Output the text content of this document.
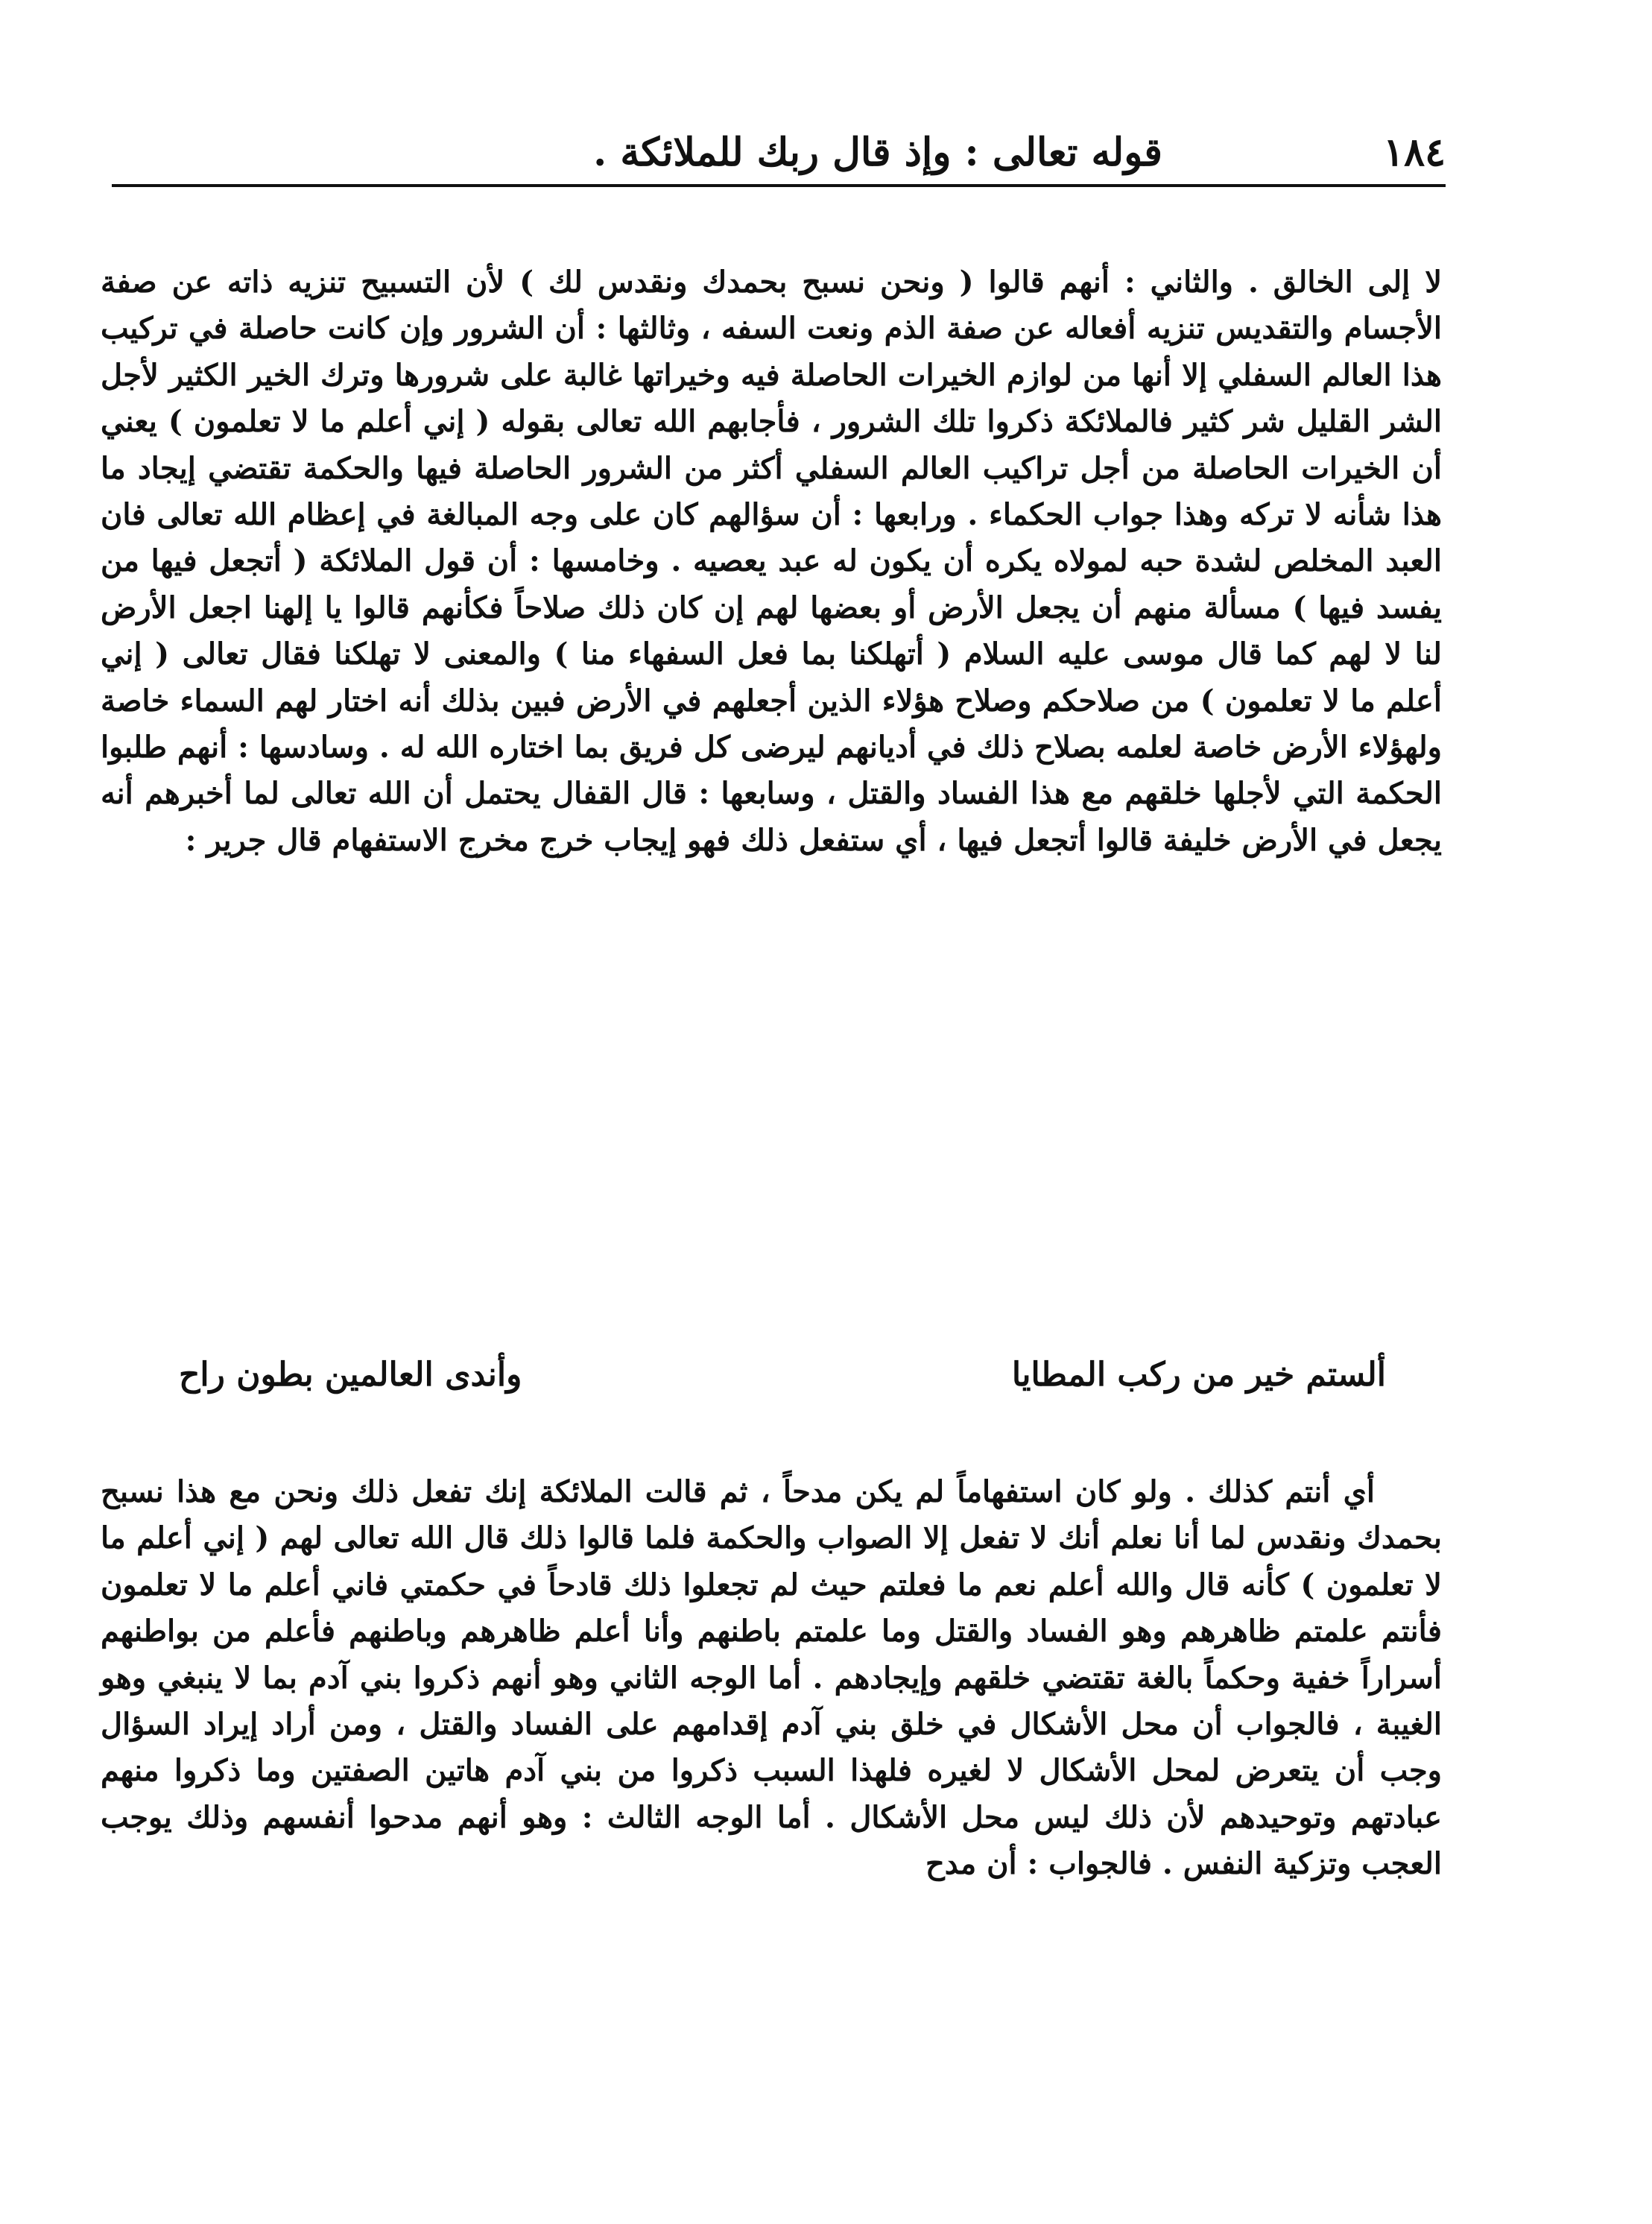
١٨٤
قوله تعالى : وإذ قال ربك للملائكة .

لا إلى الخالق . والثاني : أنهم قالوا ( ونحن نسبح بحمدك ونقدس لك ) لأن التسبيح تنزيه ذاته عن صفة الأجسام والتقديس تنزيه أفعاله عن صفة الذم ونعت السفه ، وثالثها : أن الشرور وإن كانت حاصلة في تركيب هذا العالم السفلي إلا أنها من لوازم الخيرات الحاصلة فيه وخيراتها غالبة على شرورها وترك الخير الكثير لأجل الشر القليل شر كثير فالملائكة ذكروا تلك الشرور ، فأجابهم الله تعالى بقوله ( إني أعلم ما لا تعلمون ) يعني أن الخيرات الحاصلة من أجل تراكيب العالم السفلي أكثر من الشرور الحاصلة فيها والحكمة تقتضي إيجاد ما هذا شأنه لا تركه وهذا جواب الحكماء . ورابعها : أن سؤالهم كان على وجه المبالغة في إعظام الله تعالى فان العبد المخلص لشدة حبه لمولاه يكره أن يكون له عبد يعصيه . وخامسها : أن قول الملائكة ( أتجعل فيها من يفسد فيها ) مسألة منهم أن يجعل الأرض أو بعضها لهم إن كان ذلك صلاحاً فكأنهم قالوا يا إلهنا اجعل الأرض لنا لا لهم كما قال موسى عليه السلام ( أتهلكنا بما فعل السفهاء منا ) والمعنى لا تهلكنا فقال تعالى ( إني أعلم ما لا تعلمون ) من صلاحكم وصلاح هؤلاء الذين أجعلهم في الأرض فبين بذلك أنه اختار لهم السماء خاصة ولهؤلاء الأرض خاصة لعلمه بصلاح ذلك في أديانهم ليرضى كل فريق بما اختاره الله له . وسادسها : أنهم طلبوا الحكمة التي لأجلها خلقهم مع هذا الفساد والقتل ، وسابعها : قال القفال يحتمل أن الله تعالى لما أخبرهم أنه يجعل في الأرض خليفة قالوا أتجعل فيها ، أي ستفعل ذلك فهو إيجاب خرج مخرج الاستفهام قال جرير :

ألستم خير من ركب المطايا
وأندى العالمين بطون راح

أي أنتم كذلك . ولو كان استفهاماً لم يكن مدحاً ، ثم قالت الملائكة إنك تفعل ذلك ونحن مع هذا نسبح بحمدك ونقدس لما أنا نعلم أنك لا تفعل إلا الصواب والحكمة فلما قالوا ذلك قال الله تعالى لهم ( إني أعلم ما لا تعلمون ) كأنه قال والله أعلم نعم ما فعلتم حيث لم تجعلوا ذلك قادحاً في حكمتي فاني أعلم ما لا تعلمون فأنتم علمتم ظاهرهم وهو الفساد والقتل وما علمتم باطنهم وأنا أعلم ظاهرهم وباطنهم فأعلم من بواطنهم أسراراً خفية وحكماً بالغة تقتضي خلقهم وإيجادهم . أما الوجه الثاني وهو أنهم ذكروا بني آدم بما لا ينبغي وهو الغيبة ، فالجواب أن محل الأشكال في خلق بني آدم إقدامهم على الفساد والقتل ، ومن أراد إيراد السؤال وجب أن يتعرض لمحل الأشكال لا لغيره فلهذا السبب ذكروا من بني آدم هاتين الصفتين وما ذكروا منهم عبادتهم وتوحيدهم لأن ذلك ليس محل الأشكال . أما الوجه الثالث : وهو أنهم مدحوا أنفسهم وذلك يوجب العجب وتزكية النفس . فالجواب : أن مدح
